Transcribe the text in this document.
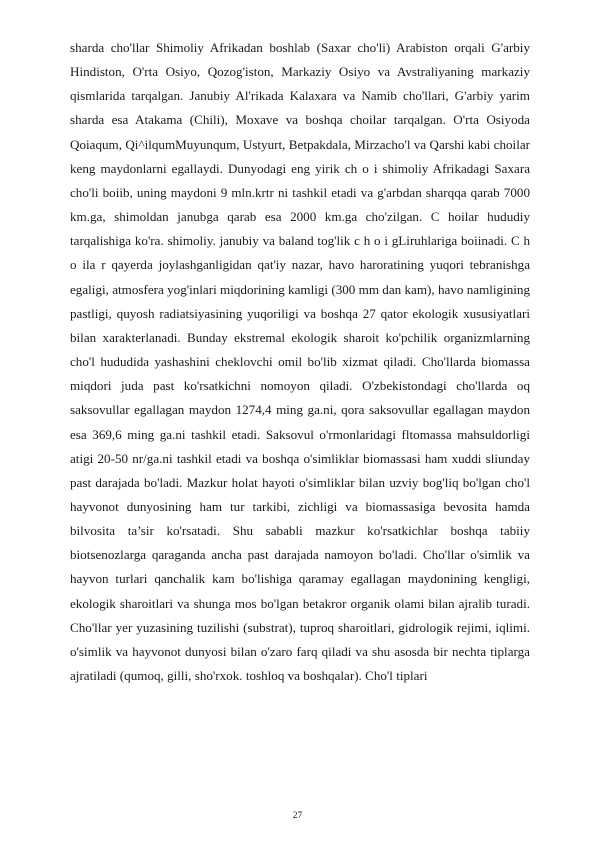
sharda cho'llar Shimoliy Afrikadan boshlab (Saxar cho'li) Arabiston orqali G'arbiy Hindiston, O'rta Osiyo, Qozog'iston, Markaziy Osiyo va Avstraliyaning markaziy qismlarida tarqalgan. Janubiy Al'rikada Kalaxara va Namib cho'llari, G'arbiy yarim sharda esa Atakama (Chili), Moxave va boshqa choilar tarqalgan. O'rta Osiyoda Qoiaqum, Qi^ilqumMuyunqum, Ustyurt, Betpakdala, Mirzacho'l va Qarshi kabi choilar keng maydonlarni egallaydi. Dunyodagi eng yirik ch o i shimoliy Afrikadagi Saxara cho'li boiib, uning maydoni 9 mln.krtr ni tashkil etadi va g'arbdan sharqqa qarab 7000 km.ga, shimoldan janubga qarab esa 2000 km.ga cho'zilgan. C hoilar hududiy tarqalishiga ko'ra. shimoliy. janubiy va baland tog'lik c h o i gLiruhlariga boiinadi. C h o ila r qayerda joylashganligidan qat'iy nazar, havo haroratining yuqori tebranishga egaligi, atmosfera yog'inlari miqdorining kamligi (300 mm dan kam), havo namligining pastligi, quyosh radiatsiyasining yuqoriligi va boshqa 27 qator ekologik xususiyatlari bilan xarakterlanadi. Bunday ekstremal ekologik sharoit ko'pchilik organizmlarning cho'l hududida yashashini cheklovchi omil bo'lib xizmat qiladi. Cho'llarda biomassa miqdori juda past ko'rsatkichni nomoyon qiladi. O'zbekistondagi cho'llarda oq saksovullar egallagan maydon 1274,4 ming ga.ni, qora saksovullar egallagan maydon esa 369,6 ming ga.ni tashkil etadi. Saksovul o'rmonlaridagi fltomassa mahsuldorligi atigi 20-50 nr/ga.ni tashkil etadi va boshqa o'simliklar biomassasi ham xuddi sliunday past darajada bo'ladi. Mazkur holat hayoti o'simliklar bilan uzviy bog'liq bo'lgan cho'l hayvonot dunyosining ham tur tarkibi, zichligi va biomassasiga bevosita hamda bilvosita ta’sir ko'rsatadi. Shu sababli mazkur ko'rsatkichlar boshqa tabiiy biotsenozlarga qaraganda ancha past darajada namoyon bo'ladi. Cho'llar o'simlik va hayvon turlari qanchalik kam bo'lishiga qaramay egallagan maydonining kengligi, ekologik sharoitlari va shunga mos bo'lgan betakror organik olami bilan ajralib turadi. Cho'llar yer yuzasining tuzilishi (substrat), tuproq sharoitlari, gidrologik rejimi, iqlimi. o'simlik va hayvonot dunyosi bilan o'zaro farq qiladi va shu asosda bir nechta tiplarga ajratiladi (qumoq, gilli, sho'rxok. toshloq va boshqalar). Cho'l tiplari

27
